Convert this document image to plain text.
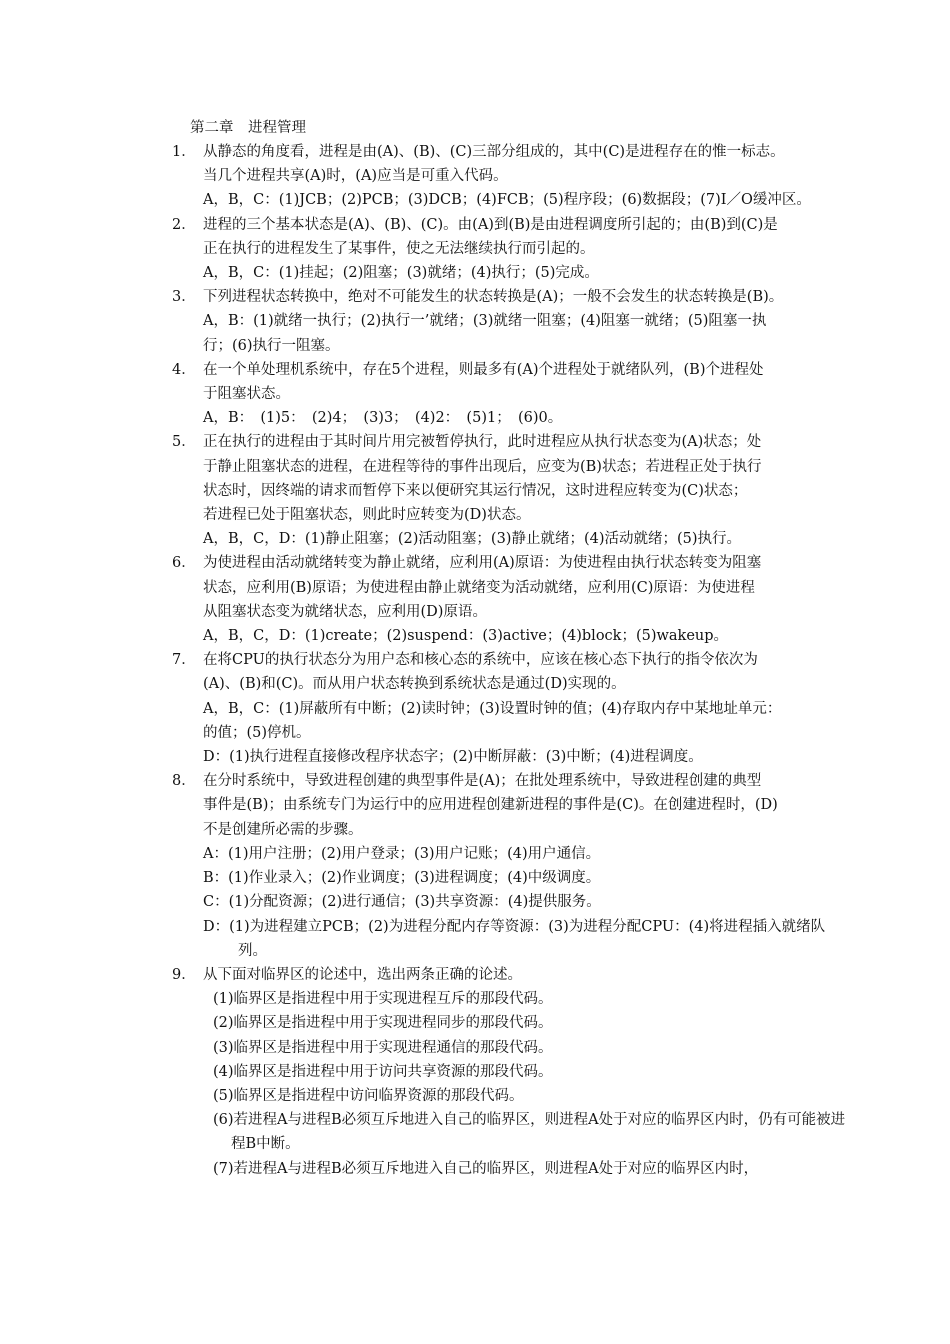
第二章　进程管理
1． 从静态的角度看，进程是由(A)、(B)、(C)三部分组成的，其中(C)是进程存在的惟一标志。
当几个进程共享(A)时，(A)应当是可重入代码。
A，B，C：(1)JCB；(2)PCB；(3)DCB；(4)FCB；(5)程序段；(6)数据段；(7)I／O缓冲区。
2． 进程的三个基本状态是(A)、(B)、(C)。由(A)到(B)是由进程调度所引起的；由(B)到(C)是
正在执行的进程发生了某事件，使之无法继续执行而引起的。
A，B，C：(1)挂起；(2)阻塞；(3)就绪；(4)执行；(5)完成。
3． 下列进程状态转换中，绝对不可能发生的状态转换是(A)；一般不会发生的状态转换是(B)。
A，B：(1)就绪一执行；(2)执行一’就绪；(3)就绪一阻塞；(4)阻塞一就绪；(5)阻塞一执
行；(6)执行一阻塞。
4． 在一个单处理机系统中，存在5个进程，则最多有(A)个进程处于就绪队列，(B)个进程处
于阻塞状态。
A，B：　(1)5：　(2)4；　(3)3；　(4)2：　(5)1；　(6)0。
5． 正在执行的进程由于其时间片用完被暂停执行，此时进程应从执行状态变为(A)状态；处
于静止阻塞状态的进程，在进程等待的事件出现后，应变为(B)状态；若进程正处于执行
状态时，因终端的请求而暂停下来以便研究其运行情况，这时进程应转变为(C)状态；
若进程已处于阻塞状态，则此时应转变为(D)状态。
A，B，C，D：(1)静止阻塞；(2)活动阻塞；(3)静止就绪；(4)活动就绪；(5)执行。
6． 为使进程由活动就绪转变为静止就绪，应利用(A)原语：为使进程由执行状态转变为阻塞
状态，应利用(B)原语；为使进程由静止就绪变为活动就绪，应利用(C)原语：为使进程
从阻塞状态变为就绪状态，应利用(D)原语。
A，B，C，D：(1)create；(2)suspend：(3)active；(4)block；(5)wakeup。
7． 在将CPU的执行状态分为用户态和核心态的系统中，应该在核心态下执行的指令依次为
(A)、(B)和(C)。而从用户状态转换到系统状态是通过(D)实现的。
A，B，C：(1)屏蔽所有中断；(2)读时钟；(3)设置时钟的值；(4)存取内存中某地址单元：
的值；(5)停机。
D：(1)执行进程直接修改程序状态字；(2)中断屏蔽：(3)中断；(4)进程调度。
8． 在分时系统中，导致进程创建的典型事件是(A)；在批处理系统中，导致进程创建的典型
事件是(B)；由系统专门为运行中的应用进程创建新进程的事件是(C)。在创建进程时，(D)
不是创建所必需的步骤。
A：(1)用户注册；(2)用户登录；(3)用户记账；(4)用户通信。
B：(1)作业录入；(2)作业调度；(3)进程调度；(4)中级调度。
C：(1)分配资源；(2)进行通信；(3)共享资源：(4)提供服务。
D：(1)为进程建立PCB；(2)为进程分配内存等资源：(3)为进程分配CPU：(4)将进程插入就绪队列。
9． 从下面对临界区的论述中，选出两条正确的论述。
(1)临界区是指进程中用于实现进程互斥的那段代码。
(2)临界区是指进程中用于实现进程同步的那段代码。
(3)临界区是指进程中用于实现进程通信的那段代码。
(4)临界区是指进程中用于访问共享资源的那段代码。
(5)临界区是指进程中访问临界资源的那段代码。
(6)若进程A与进程B必须互斥地进入自己的临界区，则进程A处于对应的临界区内时，仍有可能被进程B中断。
(7)若进程A与进程B必须互斥地进入自己的临界区，则进程A处于对应的临界区内时，
